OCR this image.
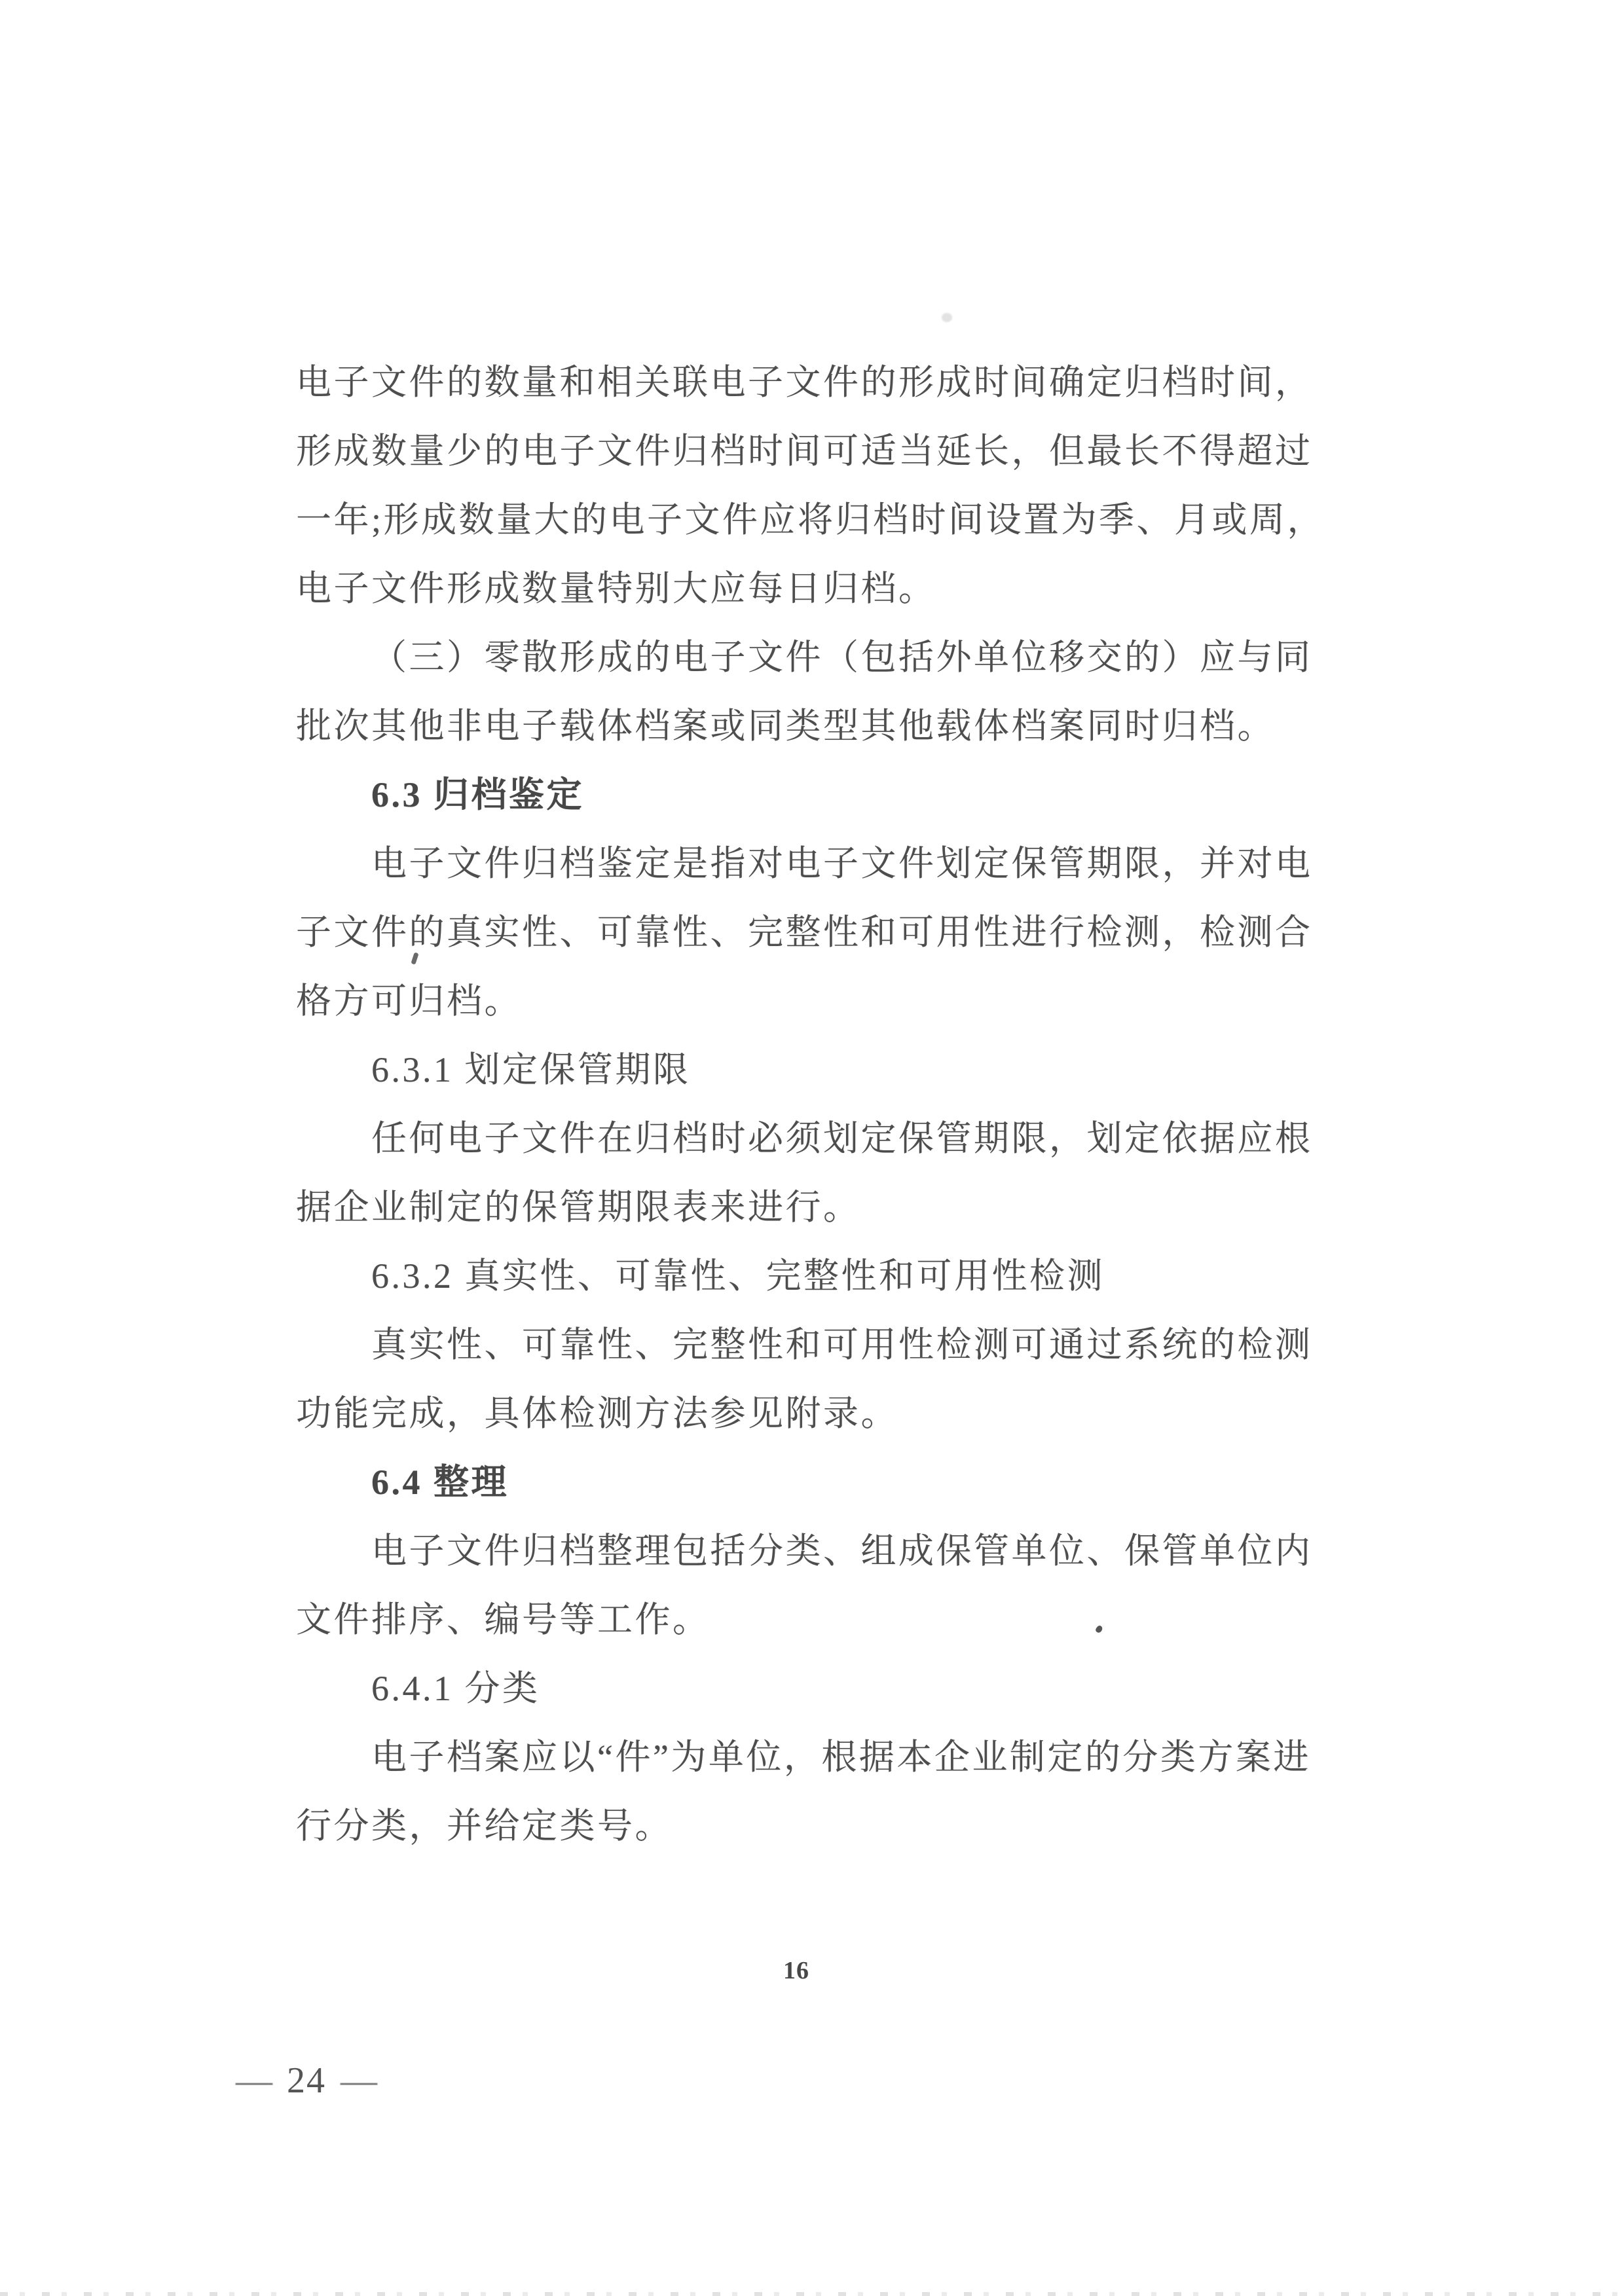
电子文件的数量和相关联电子文件的形成时间确定归档时间，
形成数量少的电子文件归档时间可适当延长，但最长不得超过
一年;形成数量大的电子文件应将归档时间设置为季、月或周，
电子文件形成数量特别大应每日归档。
（三）零散形成的电子文件（包括外单位移交的）应与同
批次其他非电子载体档案或同类型其他载体档案同时归档。
6.3 归档鉴定
电子文件归档鉴定是指对电子文件划定保管期限，并对电
子文件的真实性、可靠性、完整性和可用性进行检测，检测合
格方可归档。
6.3.1 划定保管期限
任何电子文件在归档时必须划定保管期限，划定依据应根
据企业制定的保管期限表来进行。
6.3.2 真实性、可靠性、完整性和可用性检测
真实性、可靠性、完整性和可用性检测可通过系统的检测
功能完成，具体检测方法参见附录。
6.4 整理
电子文件归档整理包括分类、组成保管单位、保管单位内
文件排序、编号等工作。
6.4.1 分类
电子档案应以“件”为单位，根据本企业制定的分类方案进
行分类，并给定类号。
16
— 24 —
